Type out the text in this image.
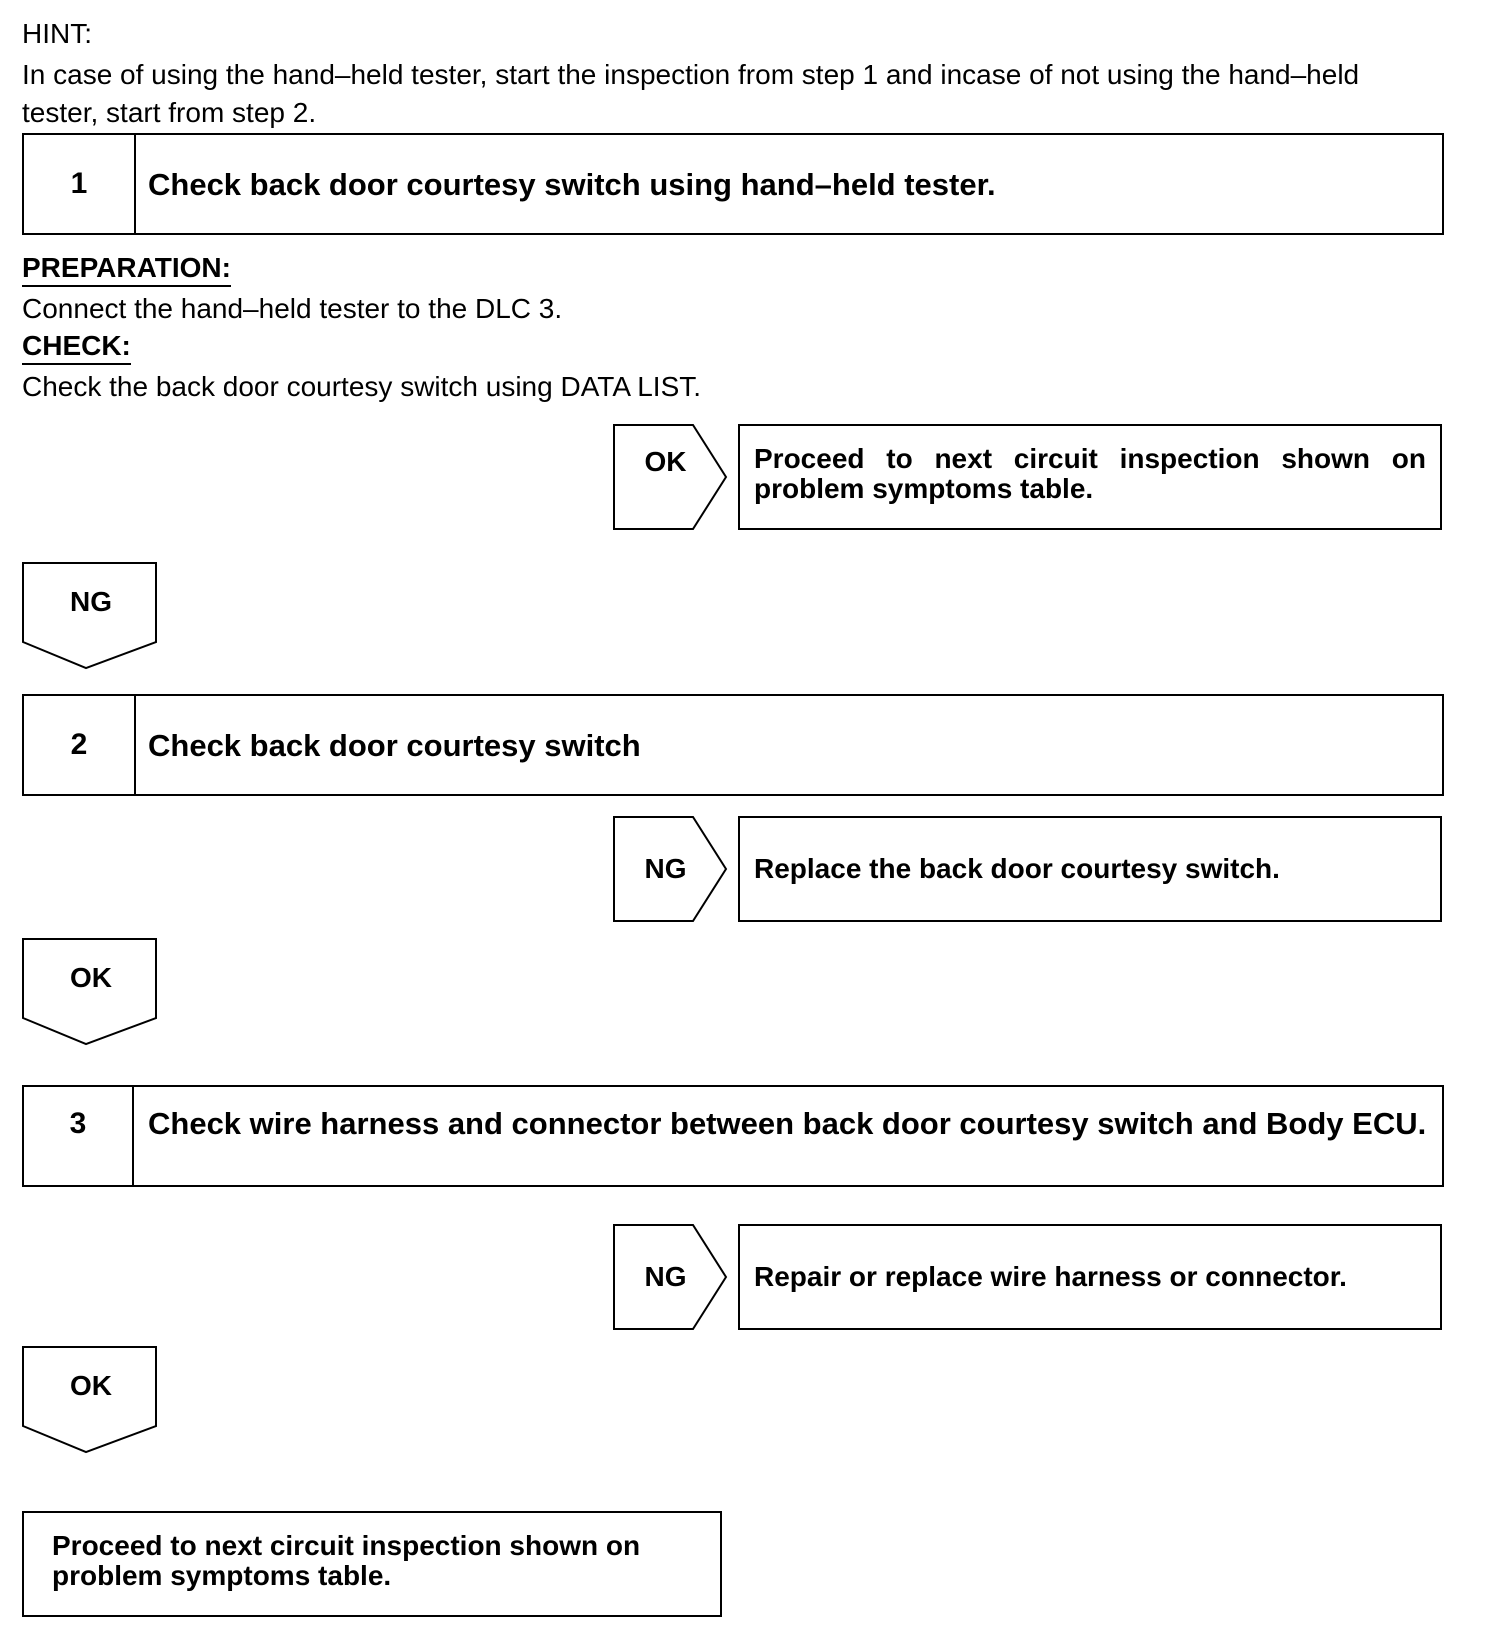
HINT:
In case of using the hand–held tester, start the inspection from step 1 and incase of not using the hand–held
tester, start from step 2.
1	Check back door courtesy switch using hand–held tester.
PREPARATION:
Connect the hand–held tester to the DLC 3.
CHECK:
Check the back door courtesy switch using DATA LIST.
OK	Proceed to next circuit inspection shown on problem symptoms table.
NG
2	Check back door courtesy switch
NG	Replace the back door courtesy switch.
OK
3	Check wire harness and connector between back door courtesy switch and Body ECU.
NG	Repair or replace wire harness or connector.
OK
Proceed to next circuit inspection shown on problem symptoms table.
